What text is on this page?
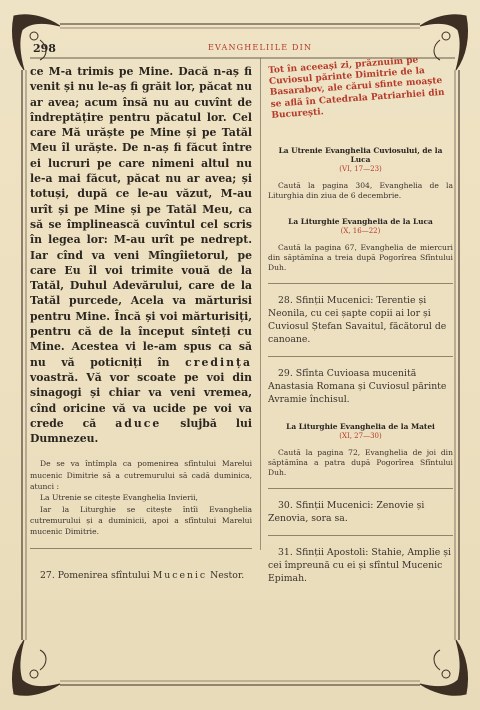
298	EVANGHELIILE DIN

ce M-a trimis pe Mine. Dacă n-aș fi venit și nu le-aș fi grăit lor, păcat nu ar avea; acum însă nu au cuvînt de îndreptățire pentru păcatul lor. Cel care Mă urăște pe Mine și pe Tatăl Meu îl urăște. De n-aș fi făcut între ei lucruri pe care nimeni altul nu le-a mai făcut, păcat nu ar avea; și totuși, după ce le-au văzut, M-au urît și pe Mine și pe Tatăl Meu, ca să se împlinească cuvîntul cel scris în legea lor: M-au urît pe nedrept. Iar cînd va veni Mîngîietorul, pe care Eu îl voi trimite vouă de la Tatăl, Duhul Adevărului, care de la Tatăl purcede, Acela va mărturisi pentru Mine. Încă și voi mărturisiți, pentru că de la început sînteți cu Mine. Acestea vi le-am spus ca să nu vă poticniți în credința voastră. Vă vor scoate pe voi din sinagogi și chiar va veni vremea, cînd oricine vă va ucide pe voi va crede că aduce slujbă lui Dumnezeu.

De se va întîmpla ca pomenirea sfîntului Marelui mucenic Dimitrie să a cutremurului să cadă duminica, atunci :

La Utrenie se citește Evanghelia Invierii,

Iar la Liturghie se citește întîi Evanghelia cutremurului și a duminicii, apoi a sfîntului Marelui mucenic Dimitrie.

27. Pomenirea sfîntului Mucenic Nestor.

Tot în aceeași zi, prăznuim pe Cuviosul părinte Dimitrie de la Basarabov, ale cărui sfinte moaște se află în Catedrala Patriarhiei din București.

La Utrenie Evanghelia Cuviosului, de la Luca

(VI, 17—23)

Caută la pagina 304, Evanghelia de la Liturghia din ziua de 6 decembrie.

La Liturghie Evanghelia de la Luca

(X, 16—22)

Caută la pagina 67, Evanghelia de miercuri din săptămîna a treia după Pogorîrea Sfîntului Duh.

28. Sfinții Mucenici: Terentie și Neonila, cu cei șapte copii ai lor și Cuviosul Ștefan Savaitul, făcătorul de canoane.

29. Sfînta Cuvioasa mucenită Anastasia Romana și Cuviosul părinte Avramie închisul.

La Liturghie Evanghelia de la Matei

(XI, 27—30)

Caută la pagina 72, Evanghelia de joi din săptămîna a patra după Pogorîrea Sfîntului Duh.

30. Sfinții Mucenici: Zenovie și Zenovia, sora sa.

31. Sfinții Apostoli: Stahie, Amplie și cei împreună cu ei și sfîntul Mucenic Epimah.
